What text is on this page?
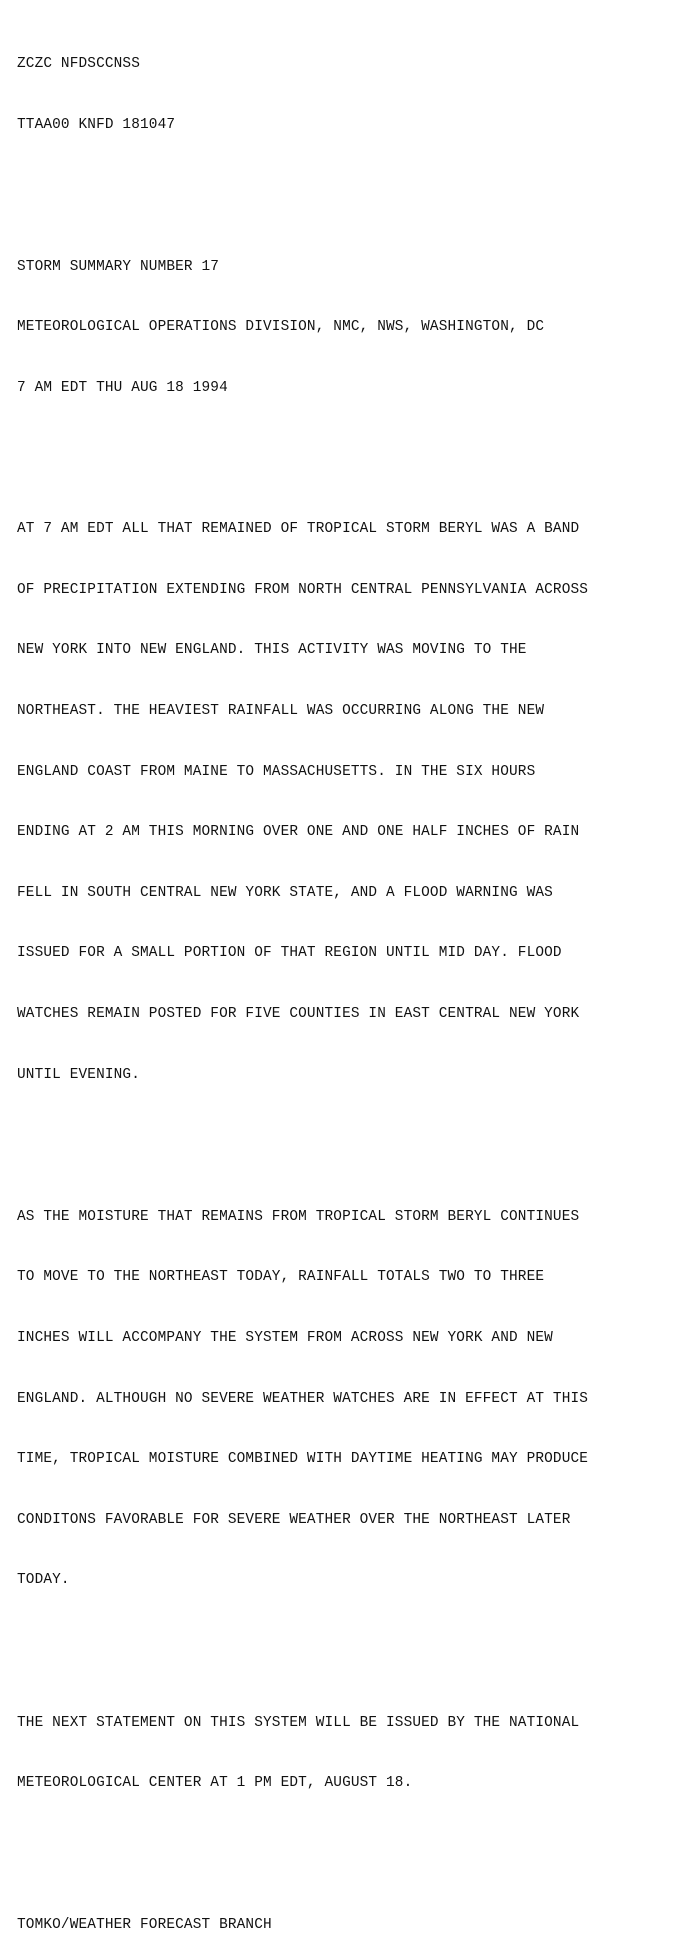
ZCZC NFDSCCNSS

TTAA00 KNFD 181047

STORM SUMMARY NUMBER 17

METEOROLOGICAL OPERATIONS DIVISION, NMC, NWS, WASHINGTON, DC

7 AM EDT THU AUG 18 1994

AT 7 AM EDT ALL THAT REMAINED OF TROPICAL STORM BERYL WAS A BAND

OF PRECIPITATION EXTENDING FROM NORTH CENTRAL PENNSYLVANIA ACROSS

NEW YORK INTO NEW ENGLAND. THIS ACTIVITY WAS MOVING TO THE

NORTHEAST. THE HEAVIEST RAINFALL WAS OCCURRING ALONG THE NEW

ENGLAND COAST FROM MAINE TO MASSACHUSETTS. IN THE SIX HOURS

ENDING AT 2 AM THIS MORNING OVER ONE AND ONE HALF INCHES OF RAIN

FELL IN SOUTH CENTRAL NEW YORK STATE, AND A FLOOD WARNING WAS

ISSUED FOR A SMALL PORTION OF THAT REGION UNTIL MID DAY. FLOOD

WATCHES REMAIN POSTED FOR FIVE COUNTIES IN EAST CENTRAL NEW YORK

UNTIL EVENING.

AS THE MOISTURE THAT REMAINS FROM TROPICAL STORM BERYL CONTINUES

TO MOVE TO THE NORTHEAST TODAY, RAINFALL TOTALS TWO TO THREE

INCHES WILL ACCOMPANY THE SYSTEM FROM ACROSS NEW YORK AND NEW

ENGLAND. ALTHOUGH NO SEVERE WEATHER WATCHES ARE IN EFFECT AT THIS

TIME, TROPICAL MOISTURE COMBINED WITH DAYTIME HEATING MAY PRODUCE

CONDITONS FAVORABLE FOR SEVERE WEATHER OVER THE NORTHEAST LATER

TODAY.

THE NEXT STATEMENT ON THIS SYSTEM WILL BE ISSUED BY THE NATIONAL

METEOROLOGICAL CENTER AT 1 PM EDT, AUGUST 18.

TOMKO/WEATHER FORECAST BRANCH
